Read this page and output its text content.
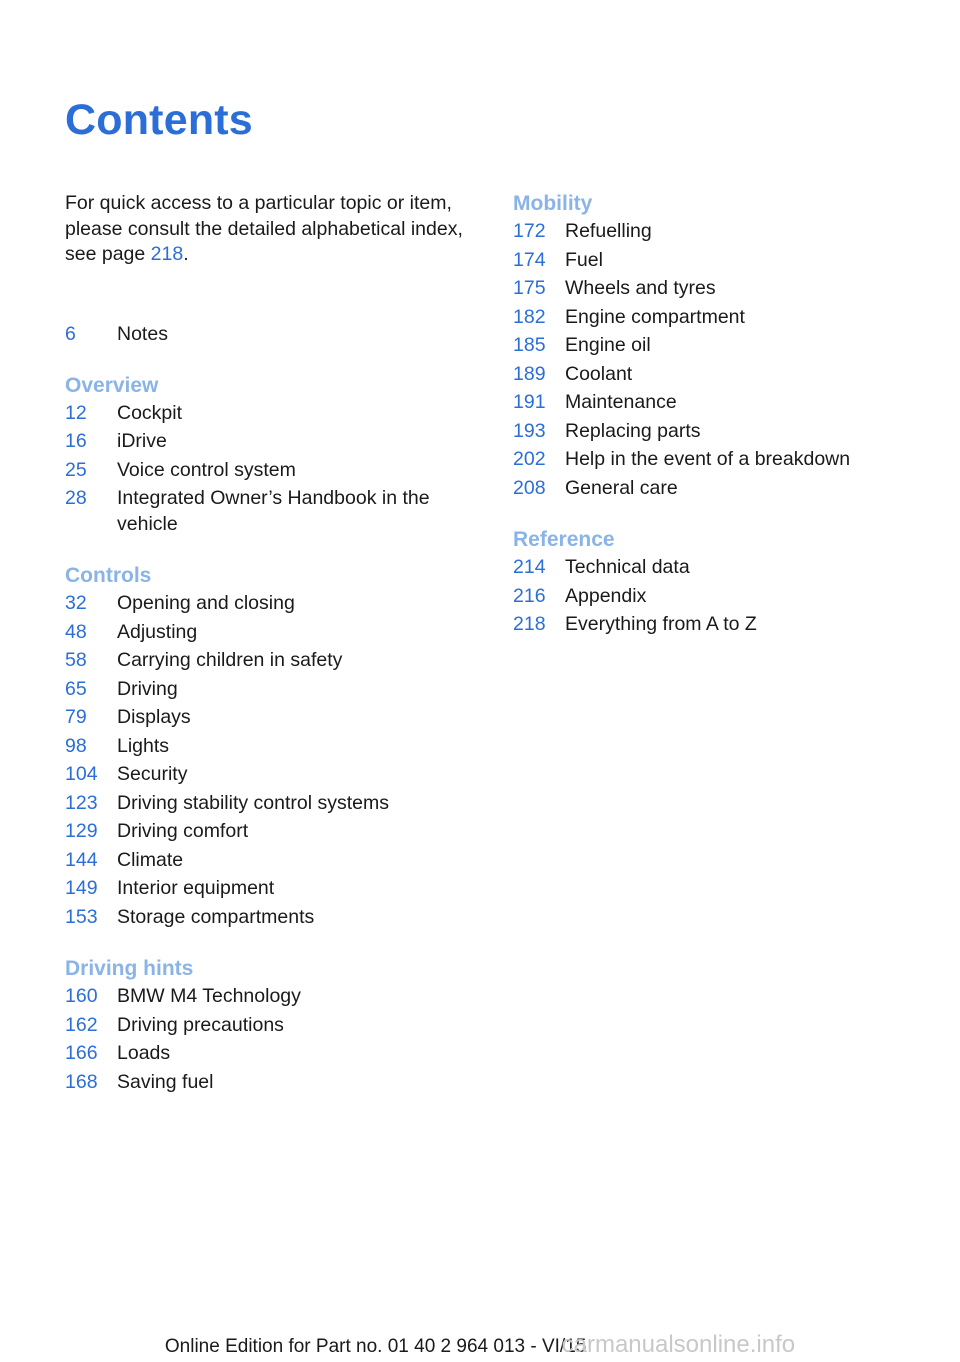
Contents

For quick access to a particular topic or item, please consult the detailed alphabetical index, see page 218.

6	Notes
Overview
12	Cockpit
16	iDrive
25	Voice control system
28	Integrated Owner’s Handbook in the vehicle
Controls
32	Opening and closing
48	Adjusting
58	Carrying children in safety
65	Driving
79	Displays
98	Lights
104 Security
123 Driving stability control systems
129 Driving comfort
144 Climate
149 Interior equipment
153 Storage compartments
Driving hints
160 BMW M4 Technology
162 Driving precautions
166 Loads
168 Saving fuel
Mobility
172 Refuelling
174 Fuel
175 Wheels and tyres
182 Engine compartment
185 Engine oil
189 Coolant
191 Maintenance
193 Replacing parts
202 Help in the event of a breakdown
208 General care
Reference
214 Technical data
216 Appendix
218 Everything from A to Z
Online Edition for Part no. 01 40 2 964 013 - VI/15 carmanualsonline.info
